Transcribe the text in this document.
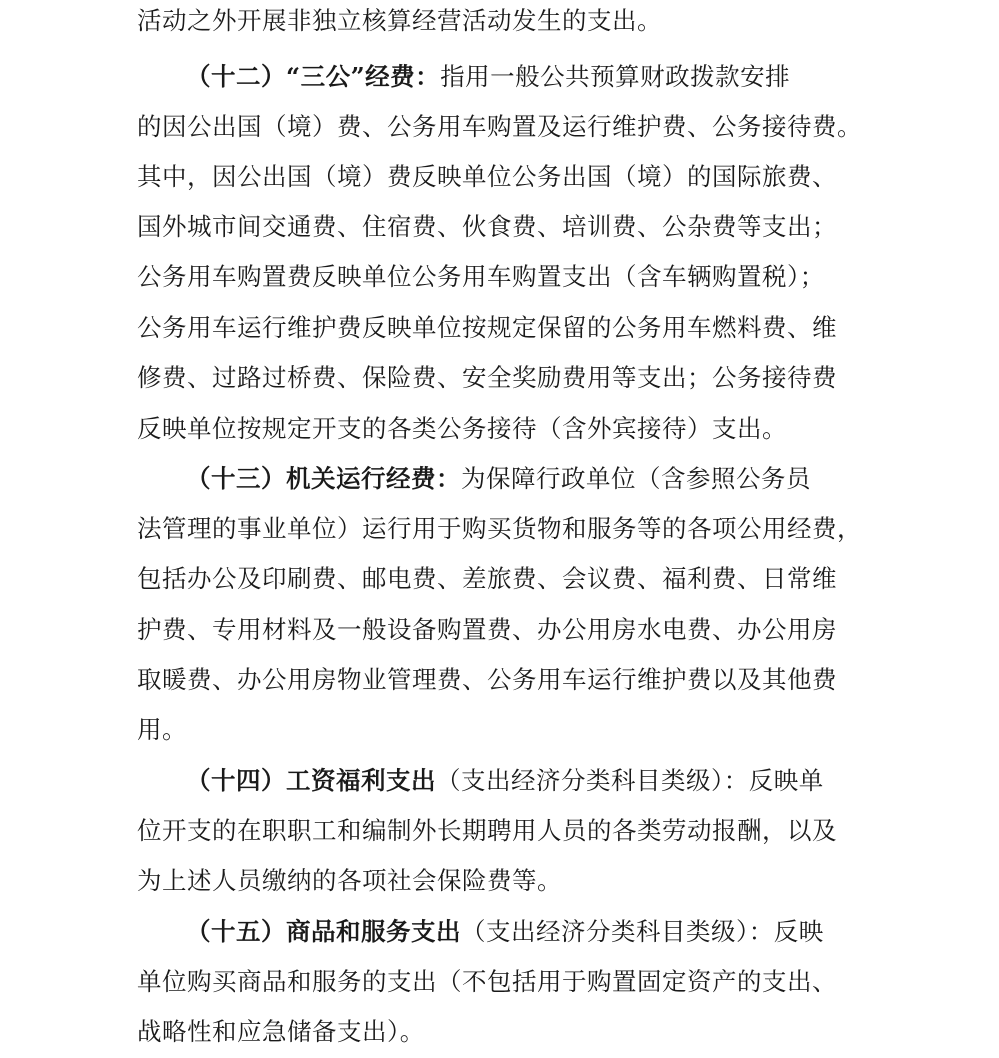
活动之外开展非独立核算经营活动发生的支出。
（十二）“三公”经费：指用一般公共预算财政拨款安排
的因公出国（境）费、公务用车购置及运行维护费、公务接待费。
其中，因公出国（境）费反映单位公务出国（境）的国际旅费、
国外城市间交通费、住宿费、伙食费、培训费、公杂费等支出；
公务用车购置费反映单位公务用车购置支出（含车辆购置税）；
公务用车运行维护费反映单位按规定保留的公务用车燃料费、维
修费、过路过桥费、保险费、安全奖励费用等支出；公务接待费
反映单位按规定开支的各类公务接待（含外宾接待）支出。
（十三）机关运行经费：为保障行政单位（含参照公务员
法管理的事业单位）运行用于购买货物和服务等的各项公用经费，
包括办公及印刷费、邮电费、差旅费、会议费、福利费、日常维
护费、专用材料及一般设备购置费、办公用房水电费、办公用房
取暖费、办公用房物业管理费、公务用车运行维护费以及其他费
用。
（十四）工资福利支出（支出经济分类科目类级）：反映单
位开支的在职职工和编制外长期聘用人员的各类劳动报酬，以及
为上述人员缴纳的各项社会保险费等。
（十五）商品和服务支出（支出经济分类科目类级）：反映
单位购买商品和服务的支出（不包括用于购置固定资产的支出、
战略性和应急储备支出）。
